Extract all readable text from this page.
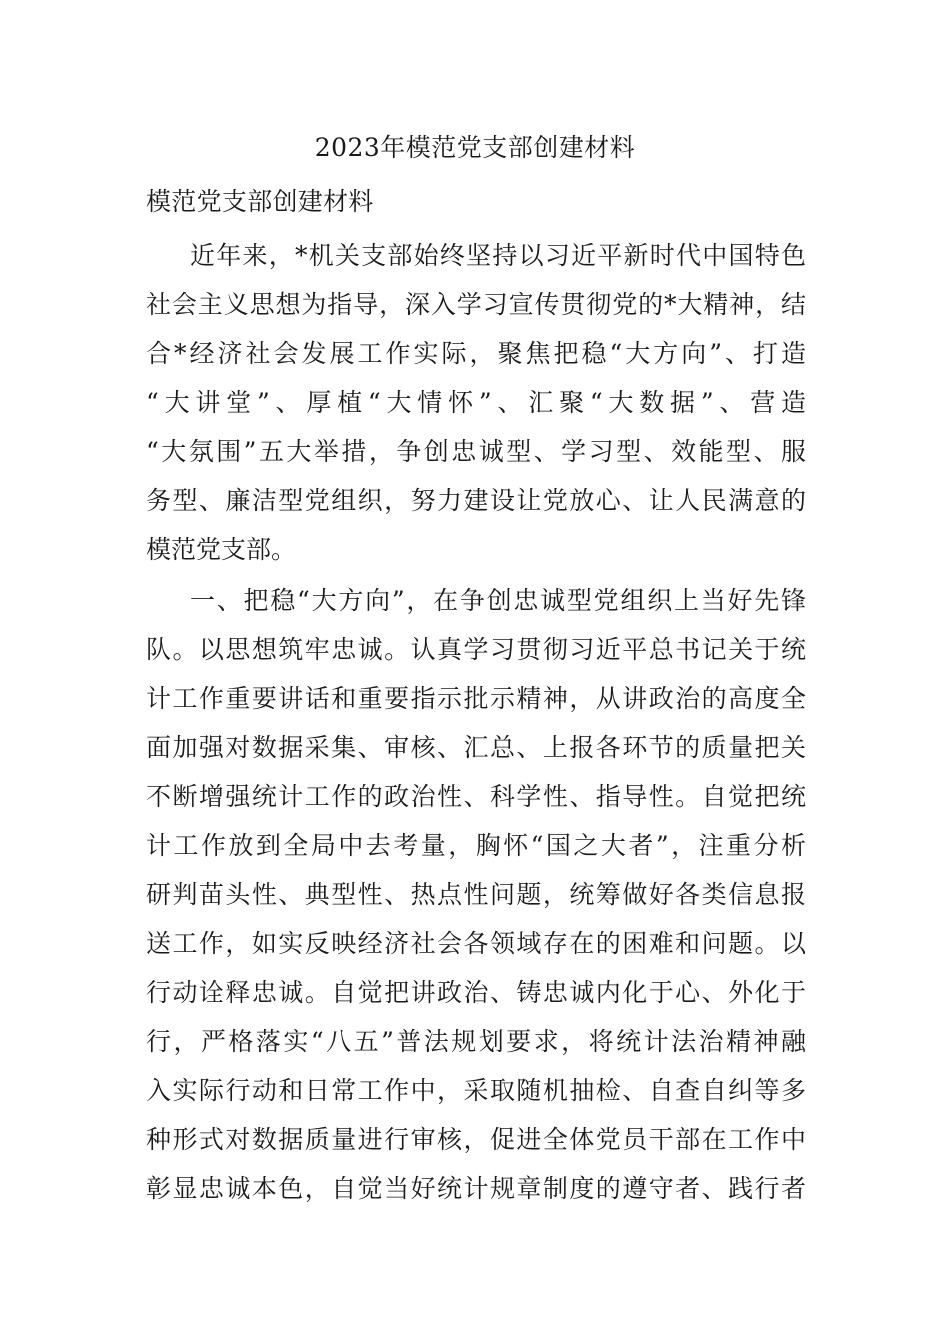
2023年模范党支部创建材料
模范党支部创建材料
近年来，*机关支部始终坚持以习近平新时代中国特色
社会主义思想为指导，深入学习宣传贯彻党的*大精神，结
合*经济社会发展工作实际，聚焦把稳“大方向”、打造
“大讲堂”、厚植“大情怀”、汇聚“大数据”、营造
“大氛围”五大举措，争创忠诚型、学习型、效能型、服
务型、廉洁型党组织，努力建设让党放心、让人民满意的
模范党支部。
一、把稳“大方向”，在争创忠诚型党组织上当好先锋
队。以思想筑牢忠诚。认真学习贯彻习近平总书记关于统
计工作重要讲话和重要指示批示精神，从讲政治的高度全
面加强对数据采集、审核、汇总、上报各环节的质量把关
不断增强统计工作的政治性、科学性、指导性。自觉把统
计工作放到全局中去考量，胸怀“国之大者”，注重分析
研判苗头性、典型性、热点性问题，统筹做好各类信息报
送工作，如实反映经济社会各领域存在的困难和问题。以
行动诠释忠诚。自觉把讲政治、铸忠诚内化于心、外化于
行，严格落实“八五”普法规划要求，将统计法治精神融
入实际行动和日常工作中，采取随机抽检、自查自纠等多
种形式对数据质量进行审核，促进全体党员干部在工作中
彰显忠诚本色，自觉当好统计规章制度的遵守者、践行者
